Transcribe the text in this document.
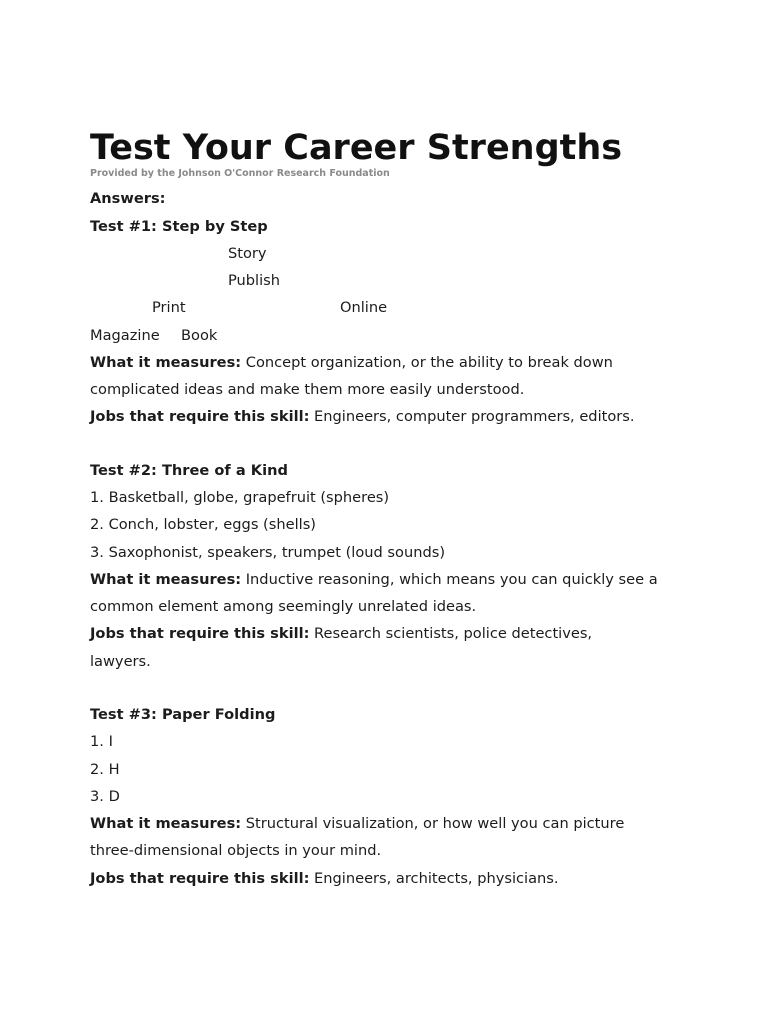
Test Your Career Strengths
Provided by the Johnson O'Connor Research Foundation
Answers:
Test #1: Step by Step
Story
Publish
Print	Online
Magazine Book
What it measures: Concept organization, or the ability to break down
complicated ideas and make them more easily understood.
Jobs that require this skill: Engineers, computer programmers, editors.
Test #2: Three of a Kind
1. Basketball, globe, grapefruit (spheres)
2. Conch, lobster, eggs (shells)
3. Saxophonist, speakers, trumpet (loud sounds)
What it measures: Inductive reasoning, which means you can quickly see a
common element among seemingly unrelated ideas.
Jobs that require this skill: Research scientists, police detectives,
lawyers.
Test #3: Paper Folding
1. I
2. H
3. D
What it measures: Structural visualization, or how well you can picture
three-dimensional objects in your mind.
Jobs that require this skill: Engineers, architects, physicians.
